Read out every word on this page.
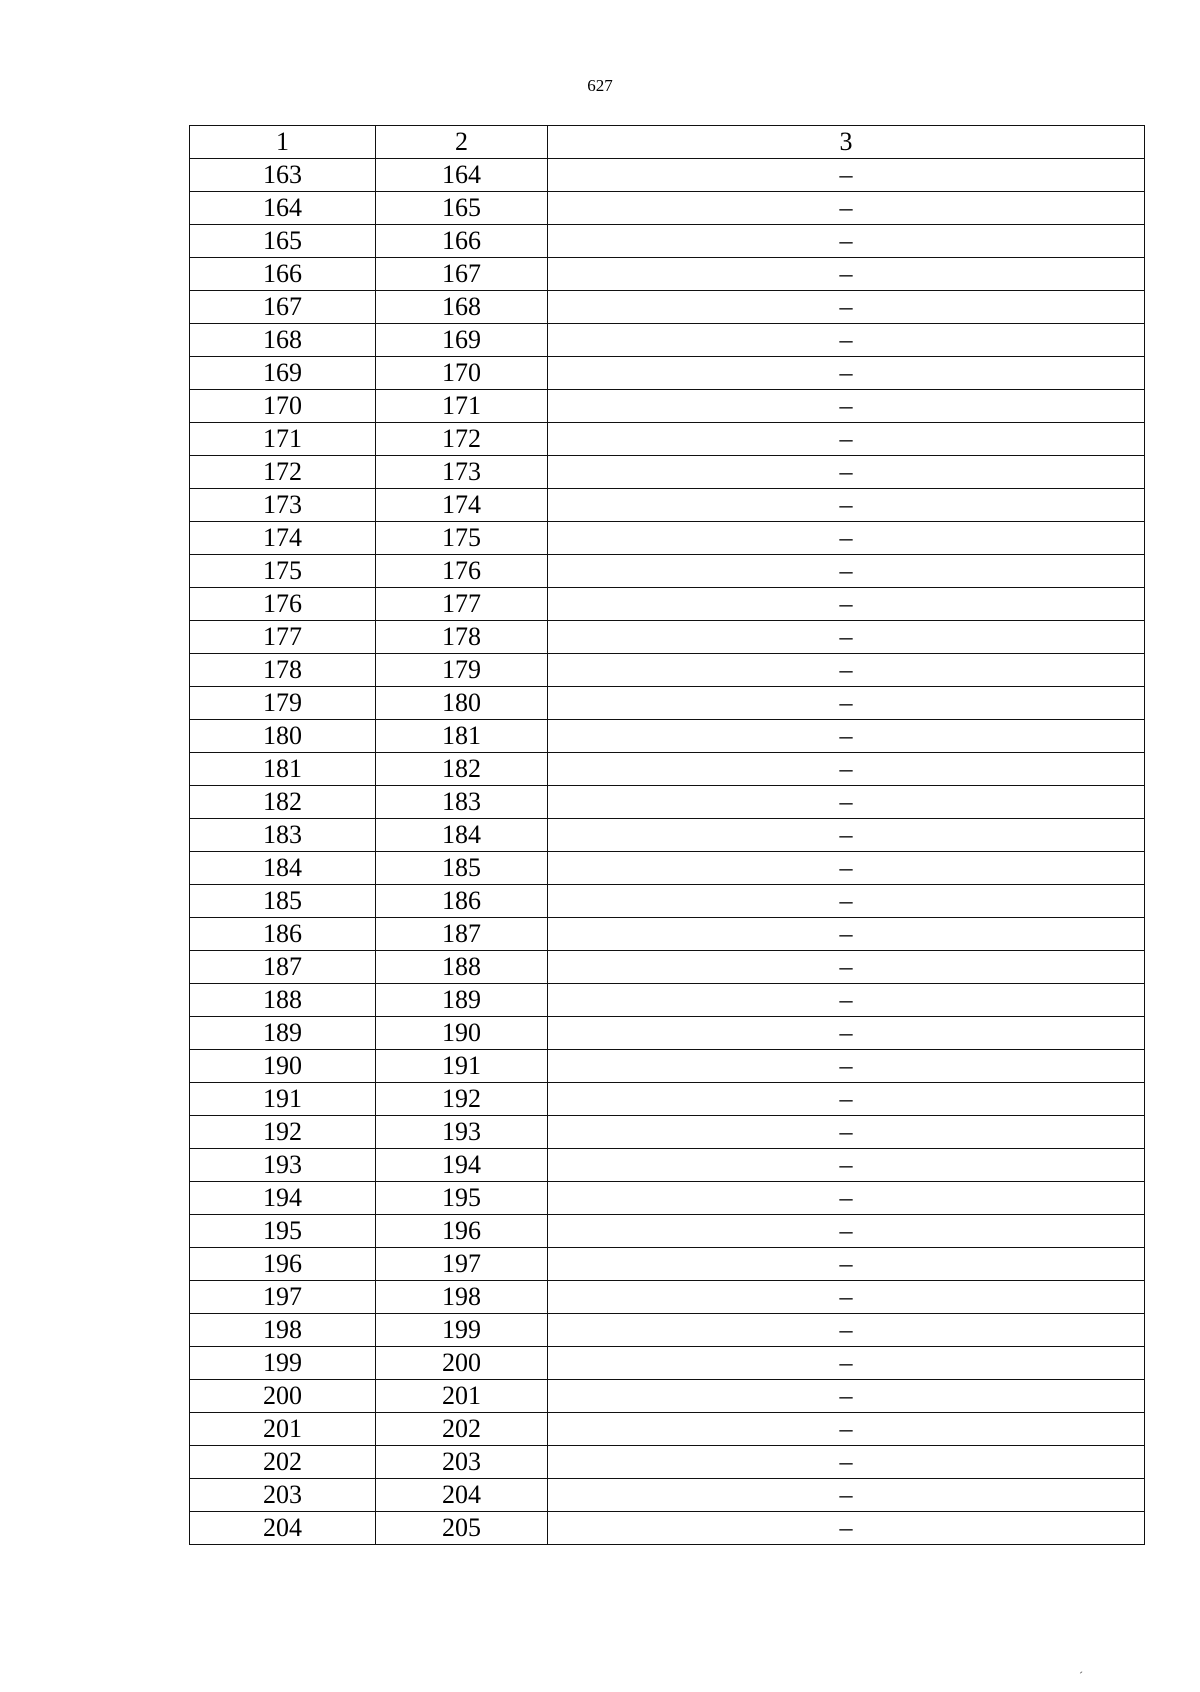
627
1	2	3
163	164	–
164	165	–
165	166	–
166	167	–
167	168	–
168	169	–
169	170	–
170	171	–
171	172	–
172	173	–
173	174	–
174	175	–
175	176	–
176	177	–
177	178	–
178	179	–
179	180	–
180	181	–
181	182	–
182	183	–
183	184	–
184	185	–
185	186	–
186	187	–
187	188	–
188	189	–
189	190	–
190	191	–
191	192	–
192	193	–
193	194	–
194	195	–
195	196	–
196	197	–
197	198	–
198	199	–
199	200	–
200	201	–
201	202	–
202	203	–
203	204	–
204	205	–
ˊ
